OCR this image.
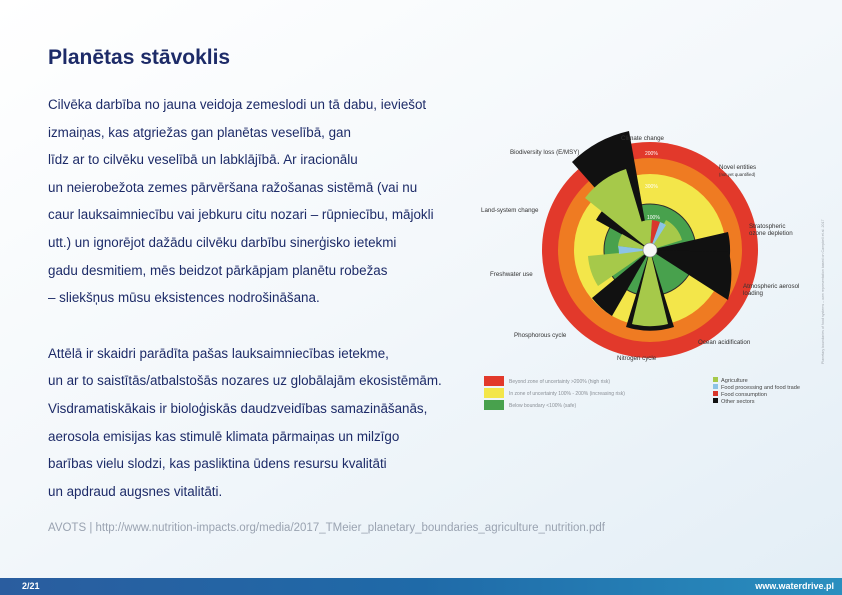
Planētas stāvoklis
Cilvēka darbība no jauna veidoja zemeslodi un tā dabu, ieviešot
izmaiņas, kas atgriežas gan planētas veselībā, gan
līdz ar to cilvēku veselībā un labklājībā. Ar iracionālu
un neierobežota zemes pārvēršana ražošanas sistēmā (vai nu
caur lauksaimniecību vai jebkuru citu nozari – rūpniecību, mājokli
utt.) un ignorējot dažādu cilvēku darbību sinerģisko ietekmi
gadu desmitiem, mēs beidzot pārkāpjam planētu robežas
– sliekšņus mūsu eksistences nodrošināšana.
Attēlā ir skaidri parādīta pašas lauksaimniecības ietekme,
un ar to saistītās/atbalstošās nozares uz globālajām ekosistēmām.
Visdramatiskākais ir bioloģiskās daudzveidības samazināšanās,
aerosola emisijas kas stimulē klimata pārmaiņas un milzīgo
barības vielu slodzi, kas pasliktina ūdens resursu kvalitāti
un apdraud augsnes vitalitāti.
200%
300%
100%
Climate change
Novel entities
(not yet quantified)
Stratospheric
ozone depletion
Atmospheric aerosol
loading
Ocean acidification
Nitrogen cycle
Phosphorous cycle
Freshwater use
Land-system change
Biodiversity loss (E/MSY)
Beyond zone of uncertainty >200% (high risk)
In zone of uncertainty 100% - 200% (increasing risk)
Below boundary <100% (safe)
Agriculture
Food processing and food trade
Food consumption
Other sectors
Planetary boundaries of food systems – own representation based on Campbell et al. 2017
AVOTS | http://www.nutrition-impacts.org/media/2017_TMeier_planetary_boundaries_agriculture_nutrition.pdf
2/21	www.waterdrive.pl
